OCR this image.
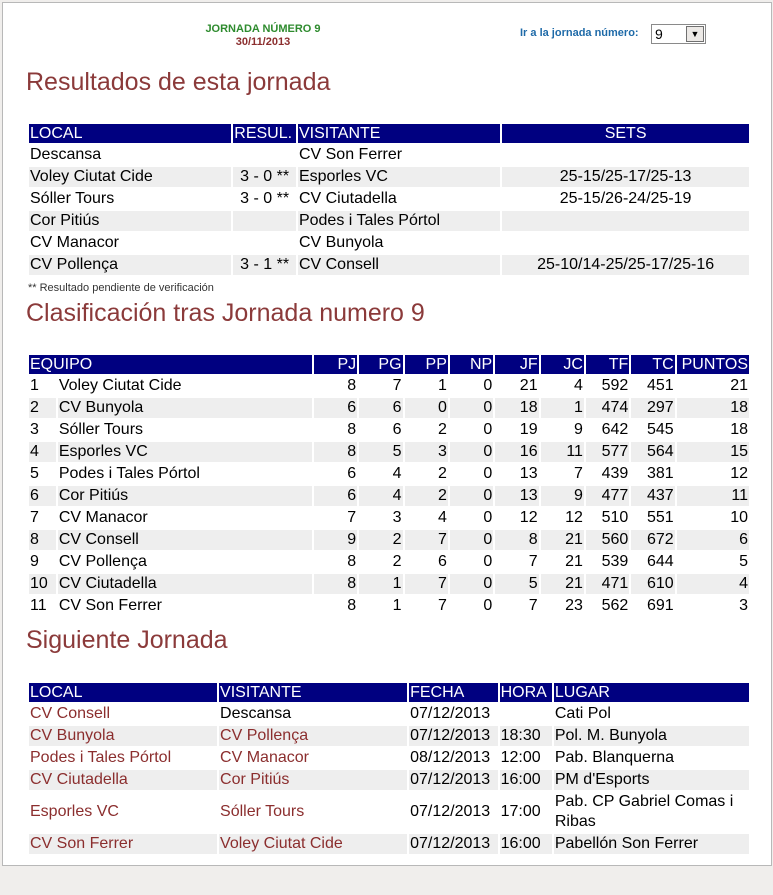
JORNADA NÚMERO 9
30/11/2013
Ir a la jornada número: 9	▼
Resultados de esta jornada
LOCAL	RESUL.	VISITANTE	SETS
Descansa		CV Son Ferrer	
Voley Ciutat Cide	3 - 0 **	Esporles VC	25-15/25-17/25-13
Sóller Tours	3 - 0 **	CV Ciutadella	25-15/26-24/25-19
Cor Pitiús		Podes i Tales Pórtol	
CV Manacor		CV Bunyola	
CV Pollença	3 - 1 **	CV Consell	25-10/14-25/25-17/25-16
** Resultado pendiente de verificación
Clasificación tras Jornada numero 9
EQUIPO		PJ	PG	PP	NP	JF	JC	TF	TC	PUNTOS
1	Voley Ciutat Cide	8	7	1	0	21	4	592	451	21
2	CV Bunyola	6	6	0	0	18	1	474	297	18
3	Sóller Tours	8	6	2	0	19	9	642	545	18
4	Esporles VC	8	5	3	0	16	11	577	564	15
5	Podes i Tales Pórtol	6	4	2	0	13	7	439	381	12
6	Cor Pitiús	6	4	2	0	13	9	477	437	11
7	CV Manacor	7	3	4	0	12	12	510	551	10
8	CV Consell	9	2	7	0	8	21	560	672	6
9	CV Pollença	8	2	6	0	7	21	539	644	5
10	CV Ciutadella	8	1	7	0	5	21	471	610	4
11	CV Son Ferrer	8	1	7	0	7	23	562	691	3
Siguiente Jornada
LOCAL	VISITANTE	FECHA	HORA	LUGAR
CV Consell	Descansa	07/12/2013		Cati Pol
CV Bunyola	CV Pollença	07/12/2013	18:30	Pol. M. Bunyola
Podes i Tales Pórtol	CV Manacor	08/12/2013	12:00	Pab. Blanquerna
CV Ciutadella	Cor Pitiús	07/12/2013	16:00	PM d'Esports
Esporles VC	Sóller Tours	07/12/2013	17:00	Pab. CP Gabriel Comas i Ribas
CV Son Ferrer	Voley Ciutat Cide	07/12/2013	16:00	Pabellón Son Ferrer
